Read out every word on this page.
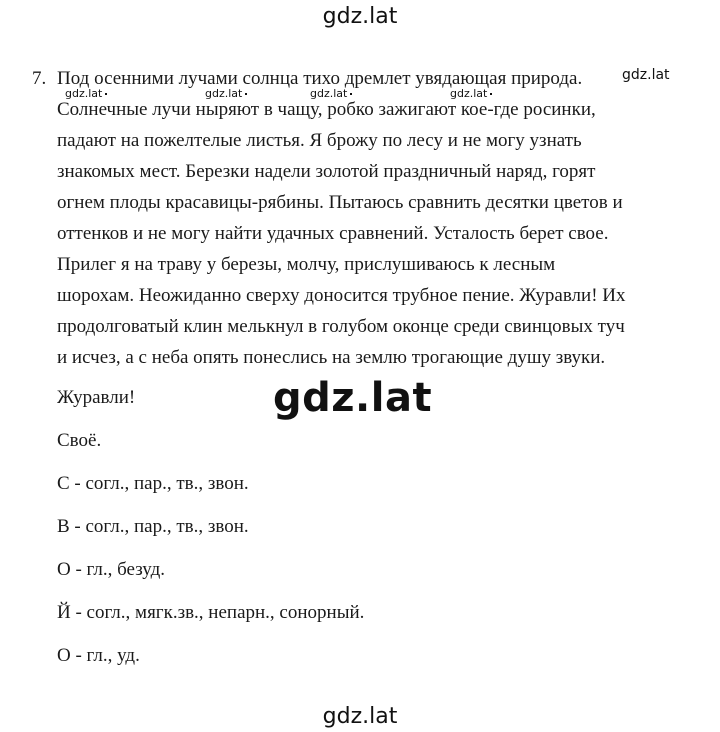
gdz.lat
gdz.lat	gdz.lat	gdz.lat	gdz.lat
gdz.lat
7. Под осенними лучами солнца тихо дремлет увядающая природа.
Солнечные лучи ныряют в чащу, робко зажигают кое-где росинки,
падают на пожелтелые листья. Я брожу по лесу и не могу узнать
знакомых мест. Березки надели золотой праздничный наряд, горят
огнем плоды красавицы-рябины. Пытаюсь сравнить десятки цветов и
оттенков и не могу найти удачных сравнений. Усталость берет свое.
Прилег я на траву у березы, молчу, прислушиваюсь к лесным
шорохам. Неожиданно сверху доносится трубное пение. Журавли! Их
продолговатый клин мелькнул в голубом оконце среди свинцовых туч
и исчез, а с неба опять понеслись на землю трогающие душу звуки.
Журавли!
Своё.
С - согл., пар., тв., звон.
В - согл., пар., тв., звон.
О - гл., безуд.
Й - согл., мягк.зв., непарн., сонорный.
О - гл., уд.
gdz.lat
gdz.lat
